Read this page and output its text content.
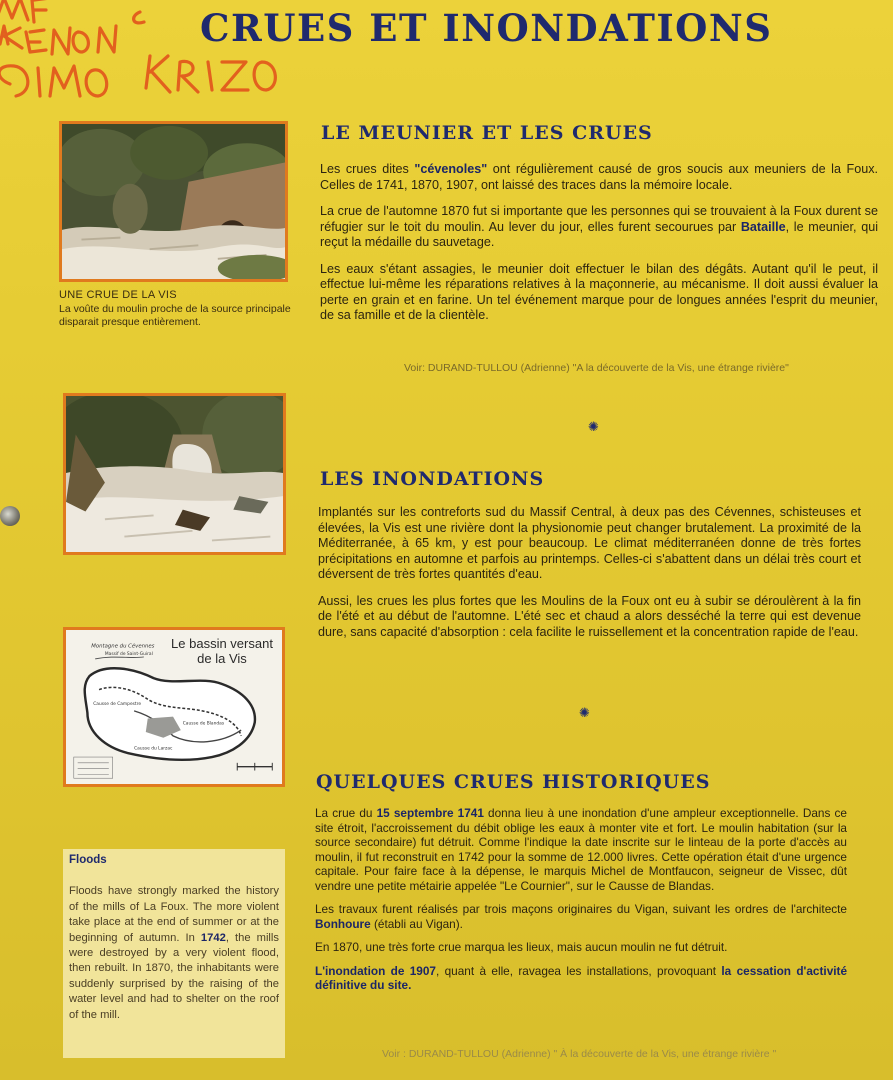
CRUES ET INONDATIONS
UNE CRUE DE LA VIS
La voûte du moulin proche de la source principale disparait presque entièrement.
Montagne du Cévennes
Massif de Saint-Guiral
Causse de Campestre
Causse de Blandas
Causse du Larzac
Le bassin versant de la Vis
Floods
Floods have strongly marked the history of the mills of La Foux. The more violent take place at the end of summer or at the beginning of autumn. In 1742, the mills were destroyed by a very violent flood, then rebuilt. In 1870, the inhabitants were suddenly surprised by the raising of the water level and had to shelter on the roof of the mill.
LE MEUNIER ET LES CRUES

Les crues dites "cévenoles" ont régulièrement causé de gros soucis aux meuniers de la Foux. Celles de 1741, 1870, 1907, ont laissé des traces dans la mémoire locale.

La crue de l'automne 1870 fut si importante que les personnes qui se trouvaient à la Foux durent se réfugier sur le toit du moulin. Au lever du jour, elles furent secourues par Bataille, le meunier, qui reçut la médaille du sauvetage.

Les eaux s'étant assagies, le meunier doit effectuer le bilan des dégâts. Autant qu'il le peut, il effectue lui-même les réparations relatives à la maçonnerie, au mécanisme. Il doit aussi évaluer la perte en grain et en farine. Un tel événement marque pour de longues années l'esprit du meunier, de sa famille et de la clientèle.

Voir: DURAND-TULLOU (Adrienne) "A la découverte de la Vis, une étrange rivière"
✺
LES INONDATIONS

Implantés sur les contreforts sud du Massif Central, à deux pas des Cévennes, schisteuses et élevées, la Vis est une rivière dont la physionomie peut changer brutalement. La proximité de la Méditerranée, à 65 km, y est pour beaucoup. Le climat méditerranéen donne de très fortes précipitations en automne et parfois au printemps. Celles-ci s'abattent dans un délai très court et déversent de très fortes quantités d'eau.

Aussi, les crues les plus fortes que les Moulins de la Foux ont eu à subir se déroulèrent à la fin de l'été et au début de l'automne. L'été sec et chaud a alors desséché la terre qui est devenue dure, sans capacité d'absorption : cela facilite le ruissellement et la concentration rapide de l'eau.

✺
QUELQUES CRUES HISTORIQUES

La crue du 15 septembre 1741 donna lieu à une inondation d'une ampleur exceptionnelle. Dans ce site étroit, l'accroissement du débit oblige les eaux à monter vite et fort. Le moulin habitation (sur la source secondaire) fut détruit. Comme l'indique la date inscrite sur le linteau de la porte d'accès au moulin, il fut reconstruit en 1742 pour la somme de 12.000 livres. Cette opération était d'une urgence capitale. Pour faire face à la dépense, le marquis Michel de Montfaucon, seigneur de Vissec, dût vendre une petite métairie appelée "Le Cournier", sur le Causse de Blandas.

Les travaux furent réalisés par trois maçons originaires du Vigan, suivant les ordres de l'architecte Bonhoure (établi au Vigan).

En 1870, une très forte crue marqua les lieux, mais aucun moulin ne fut détruit.

L'inondation de 1907, quant à elle, ravagea les installations, provoquant la cessation d'activité définitive du site.

Voir : DURAND-TULLOU (Adrienne) " À la découverte de la Vis, une étrange rivière "
